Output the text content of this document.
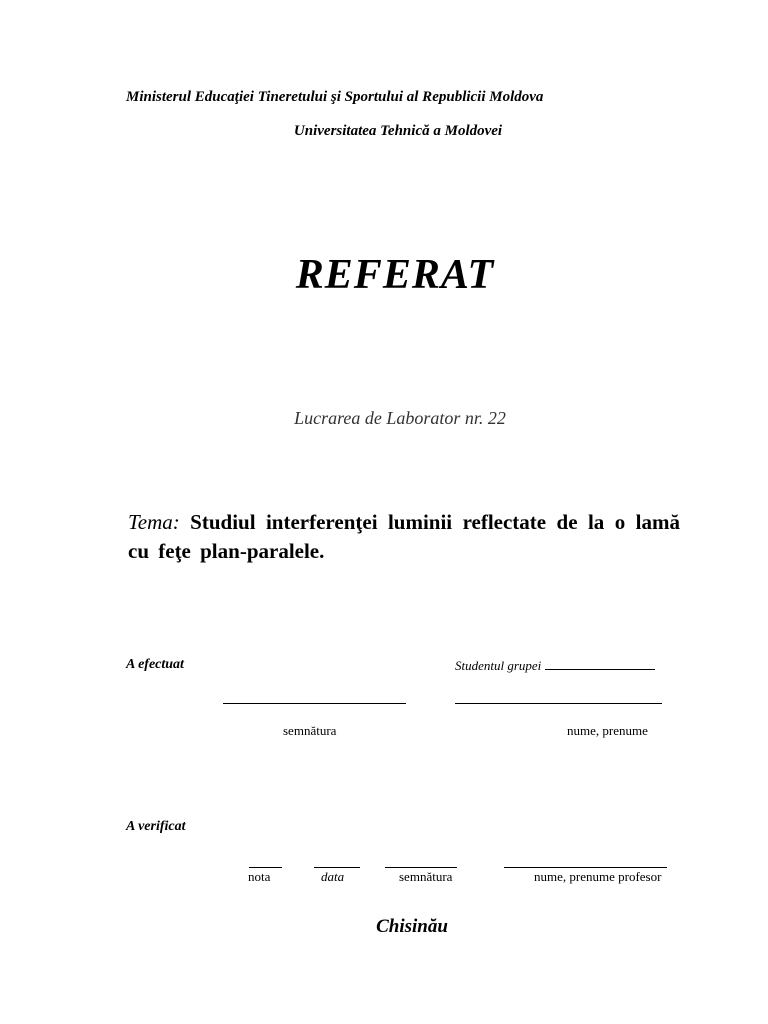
Ministerul Educaţiei Tineretului şi Sportului al Republicii Moldova
Universitatea Tehnică a Moldovei
REFERAT
Lucrarea de Laborator nr. 22
Tema: Studiul interferenţei luminii reflectate de la o lamă cu feţe plan-paralele.
A efectuat	Studentul grupei
semnătura	nume, prenume
A verificat
nota	data	semnătura	nume, prenume profesor
Chisinău
